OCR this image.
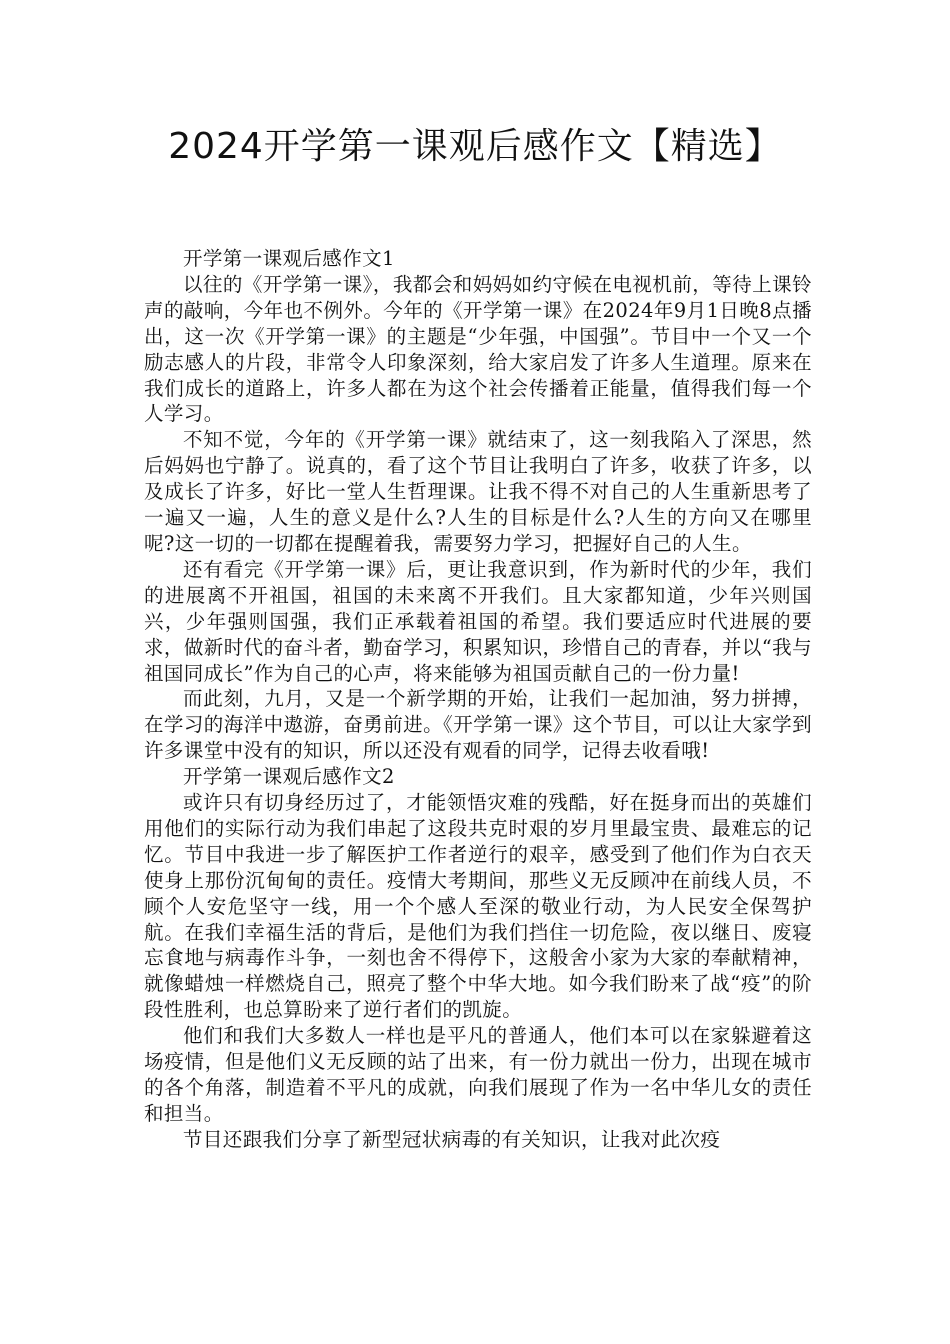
2024开学第一课观后感作文【精选】

开学第一课观后感作文1

以往的《开学第一课》，我都会和妈妈如约守候在电视机前，等待上课铃声的敲响，今年也不例外。今年的《开学第一课》在2024年9月1日晚8点播出，这一次《开学第一课》的主题是“少年强，中国强”。节目中一个又一个励志感人的片段，非常令人印象深刻，给大家启发了许多人生道理。原来在我们成长的道路上，许多人都在为这个社会传播着正能量，值得我们每一个人学习。

不知不觉，今年的《开学第一课》就结束了，这一刻我陷入了深思，然后妈妈也宁静了。说真的，看了这个节目让我明白了许多，收获了许多，以及成长了许多，好比一堂人生哲理课。让我不得不对自己的人生重新思考了一遍又一遍，人生的意义是什么?人生的目标是什么?人生的方向又在哪里呢?这一切的一切都在提醒着我，需要努力学习，把握好自己的人生。

还有看完《开学第一课》后，更让我意识到，作为新时代的少年，我们的进展离不开祖国，祖国的未来离不开我们。且大家都知道，少年兴则国兴，少年强则国强，我们正承载着祖国的希望。我们要适应时代进展的要求，做新时代的奋斗者，勤奋学习，积累知识，珍惜自己的青春，并以“我与祖国同成长”作为自己的心声，将来能够为祖国贡献自己的一份力量!

而此刻，九月，又是一个新学期的开始，让我们一起加油，努力拼搏，在学习的海洋中遨游，奋勇前进。《开学第一课》这个节目，可以让大家学到许多课堂中没有的知识，所以还没有观看的同学，记得去收看哦!

开学第一课观后感作文2

或许只有切身经历过了，才能领悟灾难的残酷，好在挺身而出的英雄们用他们的实际行动为我们串起了这段共克时艰的岁月里最宝贵、最难忘的记忆。节目中我进一步了解医护工作者逆行的艰辛，感受到了他们作为白衣天使身上那份沉甸甸的责任。疫情大考期间，那些义无反顾冲在前线人员，不顾个人安危坚守一线，用一个个感人至深的敬业行动，为人民安全保驾护航。在我们幸福生活的背后，是他们为我们挡住一切危险，夜以继日、废寝忘食地与病毒作斗争，一刻也舍不得停下，这般舍小家为大家的奉献精神，就像蜡烛一样燃烧自己，照亮了整个中华大地。如今我们盼来了战“疫”的阶段性胜利，也总算盼来了逆行者们的凯旋。

他们和我们大多数人一样也是平凡的普通人，他们本可以在家躲避着这场疫情，但是他们义无反顾的站了出来，有一份力就出一份力，出现在城市的各个角落，制造着不平凡的成就，向我们展现了作为一名中华儿女的责任和担当。

节目还跟我们分享了新型冠状病毒的有关知识，让我对此次疫
